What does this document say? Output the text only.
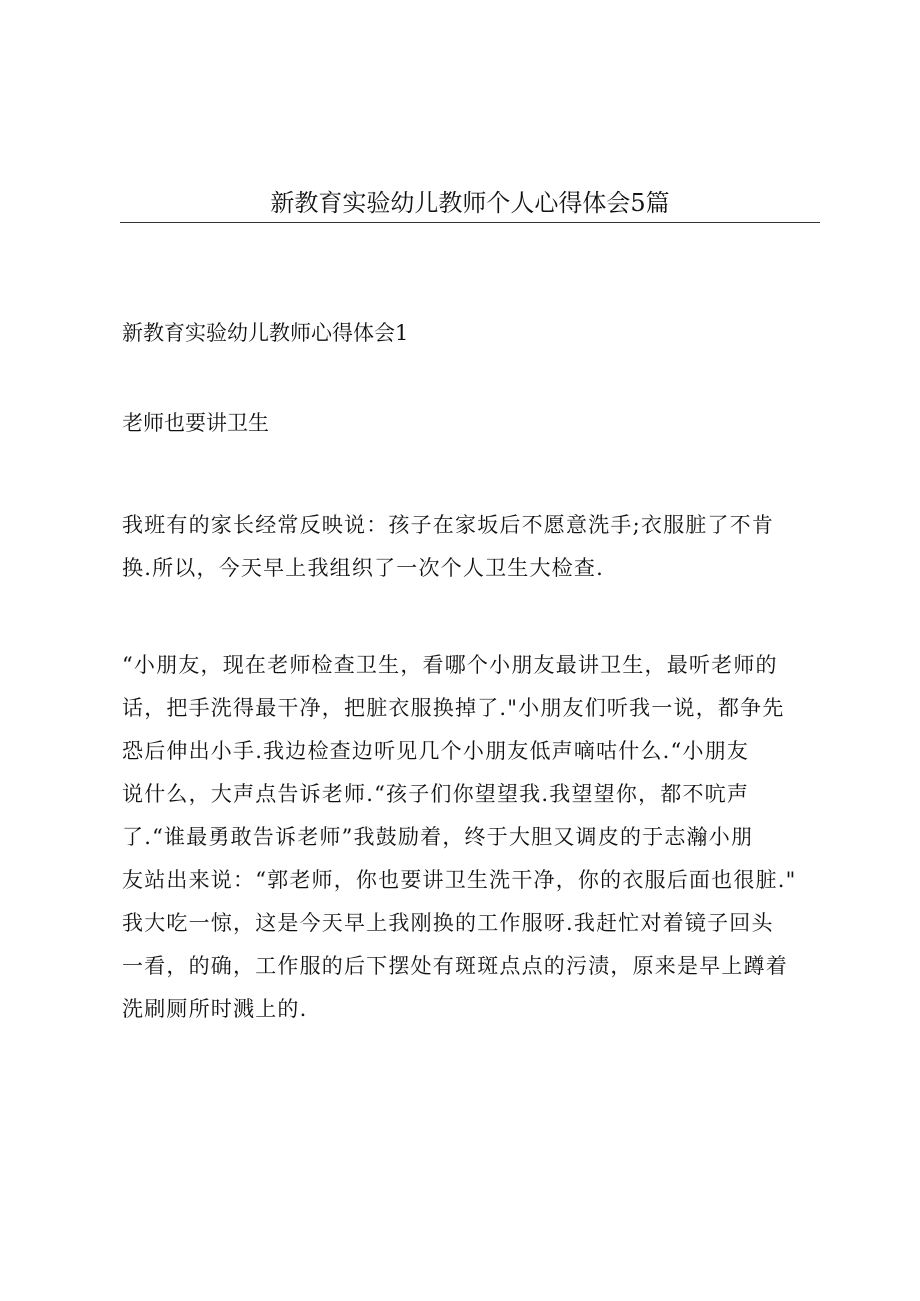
新教育实验幼儿教师个人心得体会5篇
新教育实验幼儿教师心得体会1
老师也要讲卫生

我班有的家长经常反映说：孩子在家坂后不愿意洗手;衣服脏了不肯
换.所以，今天早上我组织了一次个人卫生大检查.

“小朋友，现在老师检查卫生，看哪个小朋友最讲卫生，最听老师的
话，把手洗得最干净，把脏衣服换掉了."小朋友们听我一说，都争先
恐后伸出小手.我边检查边听见几个小朋友低声嘀咕什么.“小朋友
说什么，大声点告诉老师.“孩子们你望望我.我望望你，都不吭声
了.“谁最勇敢告诉老师”我鼓励着，终于大胆又调皮的于志瀚小朋
友站出来说：“郭老师，你也要讲卫生洗干净，你的衣服后面也很脏."
我大吃一惊，这是今天早上我刚换的工作服呀.我赶忙对着镜子回头
一看，的确，工作服的后下摆处有斑斑点点的污渍，原来是早上蹲着
洗刷厕所时溅上的.
